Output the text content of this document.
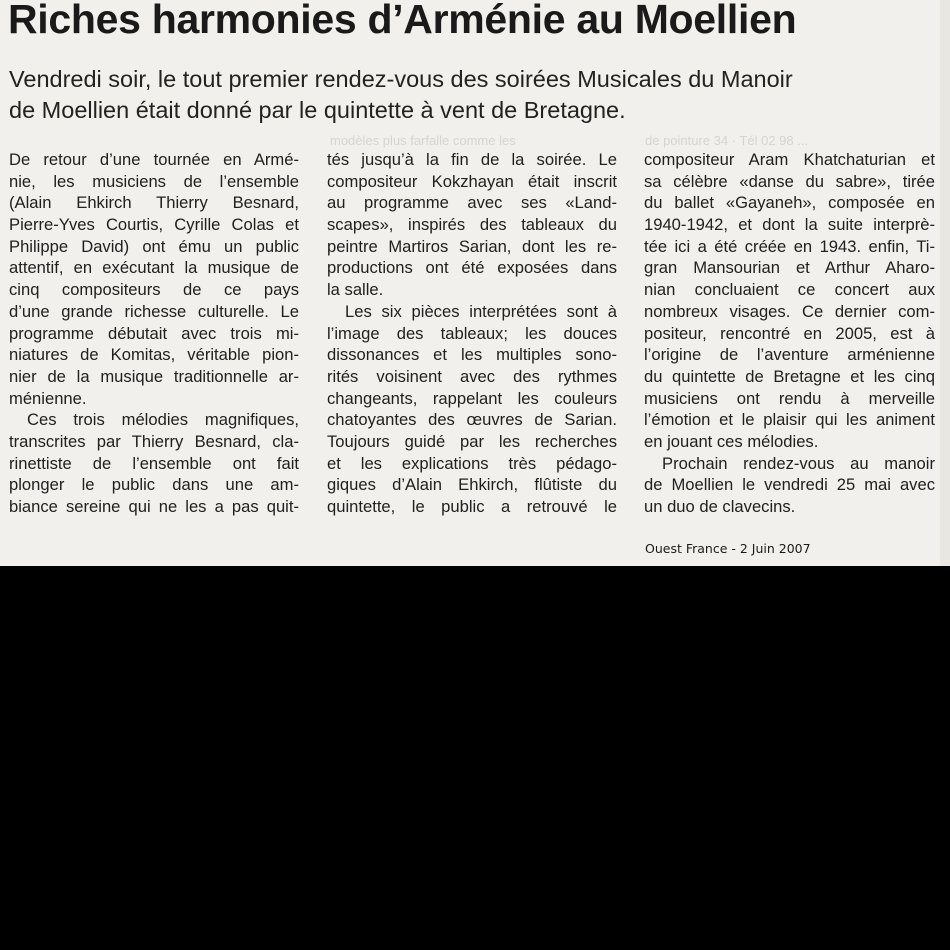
modèles plus farfalle comme les	de pointure 34 · Tél 02 98 ...
Riches harmonies d’Arménie au Moellien

Vendredi soir, le tout premier rendez-vous des soirées Musicales du Manoir
de Moellien était donné par le quintette à vent de Bretagne.

De retour d’une tournée en Armé-
nie, les musiciens de l’ensemble
(Alain Ehkirch Thierry Besnard,
Pierre-Yves Courtis, Cyrille Colas et
Philippe David) ont ému un public
attentif, en exécutant la musique de
cinq compositeurs de ce pays
d’une grande richesse culturelle. Le
programme débutait avec trois mi-
niatures de Komitas, véritable pion-
nier de la musique traditionnelle ar-
ménienne.
Ces trois mélodies magnifiques,
transcrites par Thierry Besnard, cla-
rinettiste de l’ensemble ont fait
plonger le public dans une am-
biance sereine qui ne les a pas quit-
tés jusqu’à la fin de la soirée. Le
compositeur Kokzhayan était inscrit
au programme avec ses «Land-
scapes», inspirés des tableaux du
peintre Martiros Sarian, dont les re-
productions ont été exposées dans
la salle.
Les six pièces interprétées sont à
l’image des tableaux; les douces
dissonances et les multiples sono-
rités voisinent avec des rythmes
changeants, rappelant les couleurs
chatoyantes des œuvres de Sarian.
Toujours guidé par les recherches
et les explications très pédago-
giques d’Alain Ehkirch, flûtiste du
quintette, le public a retrouvé le
compositeur Aram Khatchaturian et
sa célèbre «danse du sabre», tirée
du ballet «Gayaneh», composée en
1940-1942, et dont la suite interprè-
tée ici a été créée en 1943. enfin, Ti-
gran Mansourian et Arthur Aharo-
nian concluaient ce concert aux
nombreux visages. Ce dernier com-
positeur, rencontré en 2005, est à
l’origine de l’aventure arménienne
du quintette de Bretagne et les cinq
musiciens ont rendu à merveille
l’émotion et le plaisir qui les animent
en jouant ces mélodies.
Prochain rendez-vous au manoir
de Moellien le vendredi 25 mai avec
un duo de clavecins.
Ouest France - 2 Juin 2007
